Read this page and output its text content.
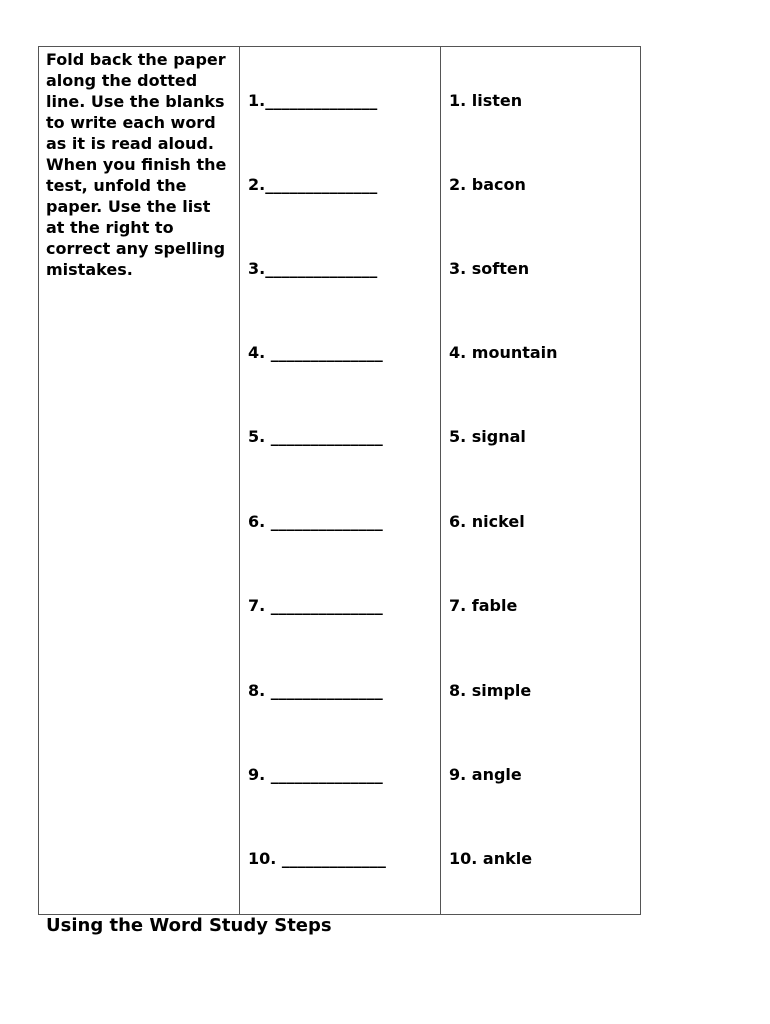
Fold back the paper along the dotted line. Use the blanks to write each word as it is read aloud. When you finish the test, unfold the paper. Use the list at the right to correct any spelling mistakes.

1.______________
2.______________
3.______________
4. ______________
5. ______________
6. ______________
7. ______________
8. ______________
9. ______________
10. _____________
1. listen
2. bacon
3. soften
4. mountain
5. signal
6. nickel
7. fable
8. simple
9. angle
10. ankle
Using the Word Study Steps
